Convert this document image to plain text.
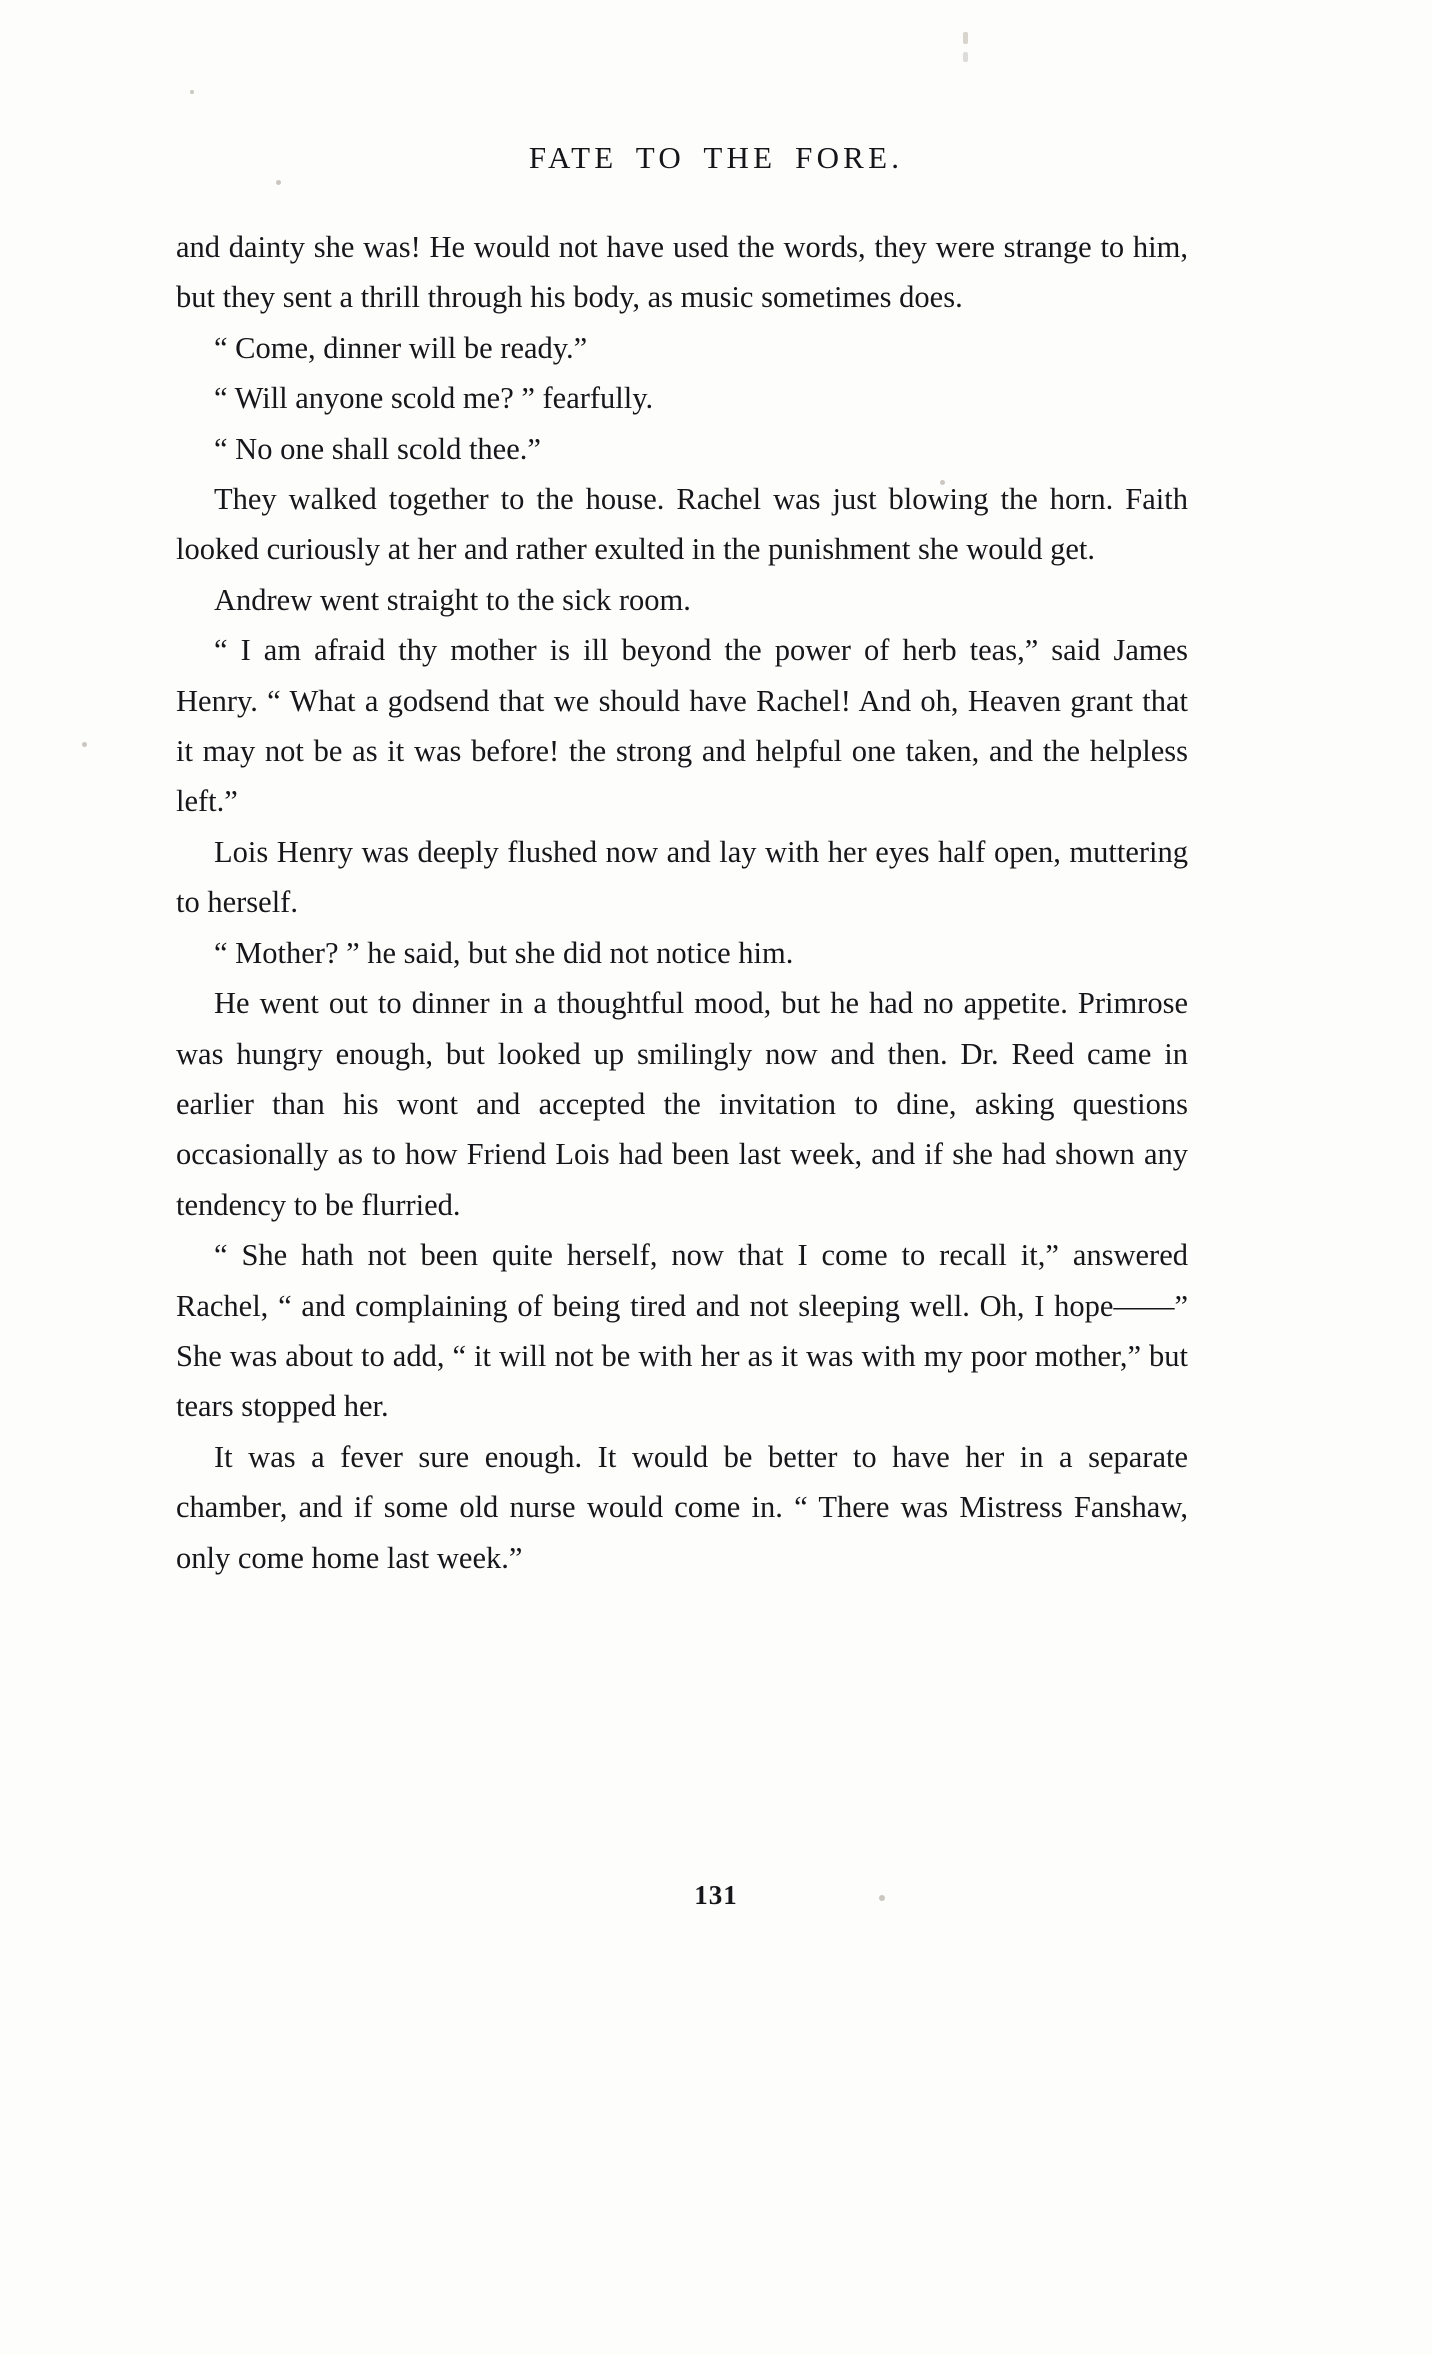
FATE TO THE FORE.

and dainty she was! He would not have used the words, they were strange to him, but they sent a thrill through his body, as music sometimes does.

“ Come, dinner will be ready.”

“ Will anyone scold me? ” fearfully.

“ No one shall scold thee.”

They walked together to the house. Rachel was just blowing the horn. Faith looked curiously at her and rather exulted in the punishment she would get.

Andrew went straight to the sick room.

“ I am afraid thy mother is ill beyond the power of herb teas,” said James Henry. “ What a godsend that we should have Rachel! And oh, Heaven grant that it may not be as it was before! the strong and helpful one taken, and the helpless left.”

Lois Henry was deeply flushed now and lay with her eyes half open, muttering to herself.

“ Mother? ” he said, but she did not notice him.

He went out to dinner in a thoughtful mood, but he had no appetite. Primrose was hungry enough, but looked up smilingly now and then. Dr. Reed came in earlier than his wont and accepted the invitation to dine, asking questions occasionally as to how Friend Lois had been last week, and if she had shown any tendency to be flurried.

“ She hath not been quite herself, now that I come to recall it,” answered Rachel, “ and complaining of being tired and not sleeping well. Oh, I hope——” She was about to add, “ it will not be with her as it was with my poor mother,” but tears stopped her.

It was a fever sure enough. It would be better to have her in a separate chamber, and if some old nurse would come in. “ There was Mistress Fanshaw, only come home last week.”

131
